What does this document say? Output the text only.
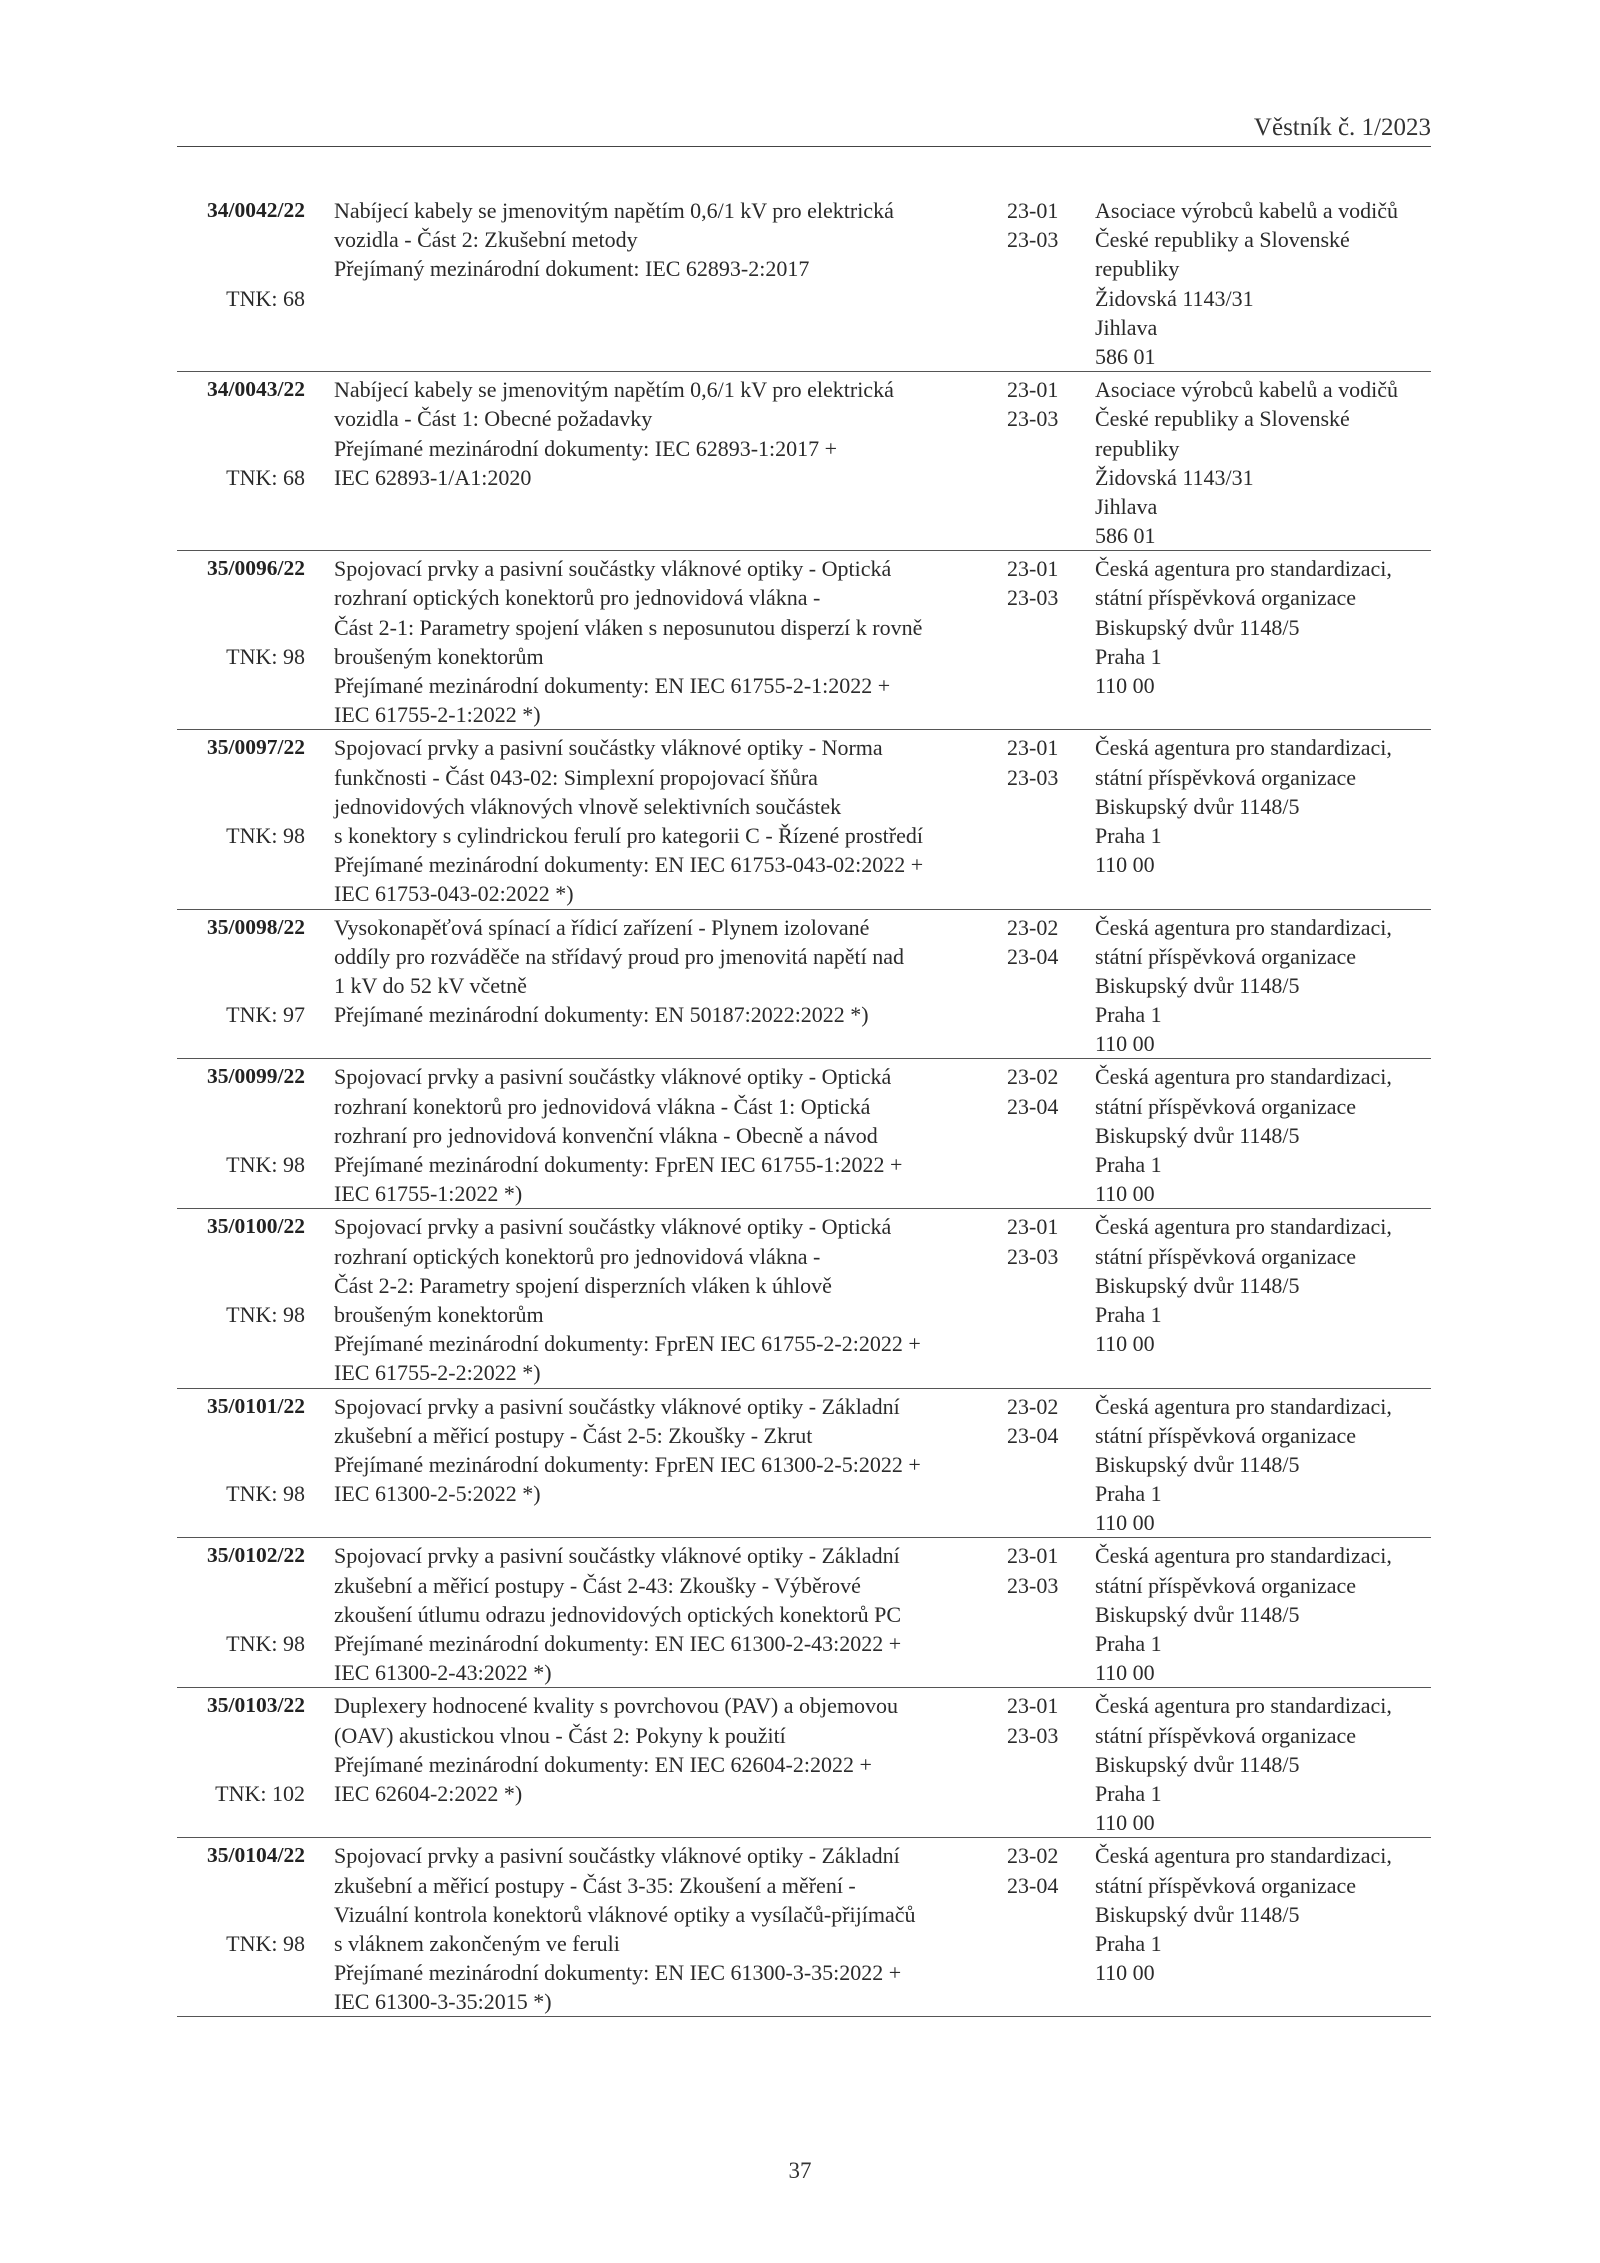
Věstník č. 1/2023
34/0042/22
TNK: 68
Nabíjecí kabely se jmenovitým napětím 0,6/1 kV pro elektrická
vozidla - Část 2: Zkušební metody
Přejímaný mezinárodní dokument: IEC 62893-2:2017
23-01
23-03
Asociace výrobců kabelů a vodičů
České republiky a Slovenské
republiky
Židovská 1143/31
Jihlava
586 01
34/0043/22
TNK: 68
Nabíjecí kabely se jmenovitým napětím 0,6/1 kV pro elektrická
vozidla - Část 1: Obecné požadavky
Přejímané mezinárodní dokumenty: IEC 62893-1:2017 +
IEC 62893-1/A1:2020
23-01
23-03
Asociace výrobců kabelů a vodičů
České republiky a Slovenské
republiky
Židovská 1143/31
Jihlava
586 01
35/0096/22
TNK: 98
Spojovací prvky a pasivní součástky vláknové optiky - Optická
rozhraní optických konektorů pro jednovidová vlákna -
Část 2-1: Parametry spojení vláken s neposunutou disperzí k rovně
broušeným konektorům
Přejímané mezinárodní dokumenty: EN IEC 61755-2-1:2022 +
IEC 61755-2-1:2022 *)
23-01
23-03
Česká agentura pro standardizaci,
státní příspěvková organizace
Biskupský dvůr 1148/5
Praha 1
110 00
35/0097/22
TNK: 98
Spojovací prvky a pasivní součástky vláknové optiky - Norma
funkčnosti - Část 043-02: Simplexní propojovací šňůra
jednovidových vláknových vlnově selektivních součástek
s konektory s cylindrickou ferulí pro kategorii C - Řízené prostředí
Přejímané mezinárodní dokumenty: EN IEC 61753-043-02:2022 +
IEC 61753-043-02:2022 *)
23-01
23-03
Česká agentura pro standardizaci,
státní příspěvková organizace
Biskupský dvůr 1148/5
Praha 1
110 00
35/0098/22
TNK: 97
Vysokonapěťová spínací a řídicí zařízení - Plynem izolované
oddíly pro rozváděče na střídavý proud pro jmenovitá napětí nad
1 kV do 52 kV včetně
Přejímané mezinárodní dokumenty: EN 50187:2022:2022 *)
23-02
23-04
Česká agentura pro standardizaci,
státní příspěvková organizace
Biskupský dvůr 1148/5
Praha 1
110 00
35/0099/22
TNK: 98
Spojovací prvky a pasivní součástky vláknové optiky - Optická
rozhraní konektorů pro jednovidová vlákna - Část 1: Optická
rozhraní pro jednovidová konvenční vlákna - Obecně a návod
Přejímané mezinárodní dokumenty: FprEN IEC 61755-1:2022 +
IEC 61755-1:2022 *)
23-02
23-04
Česká agentura pro standardizaci,
státní příspěvková organizace
Biskupský dvůr 1148/5
Praha 1
110 00
35/0100/22
TNK: 98
Spojovací prvky a pasivní součástky vláknové optiky - Optická
rozhraní optických konektorů pro jednovidová vlákna -
Část 2-2: Parametry spojení disperzních vláken k úhlově
broušeným konektorům
Přejímané mezinárodní dokumenty: FprEN IEC 61755-2-2:2022 +
IEC 61755-2-2:2022 *)
23-01
23-03
Česká agentura pro standardizaci,
státní příspěvková organizace
Biskupský dvůr 1148/5
Praha 1
110 00
35/0101/22
TNK: 98
Spojovací prvky a pasivní součástky vláknové optiky - Základní
zkušební a měřicí postupy - Část 2-5: Zkoušky - Zkrut
Přejímané mezinárodní dokumenty: FprEN IEC 61300-2-5:2022 +
IEC 61300-2-5:2022 *)
23-02
23-04
Česká agentura pro standardizaci,
státní příspěvková organizace
Biskupský dvůr 1148/5
Praha 1
110 00
35/0102/22
TNK: 98
Spojovací prvky a pasivní součástky vláknové optiky - Základní
zkušební a měřicí postupy - Část 2-43: Zkoušky - Výběrové
zkoušení útlumu odrazu jednovidových optických konektorů PC
Přejímané mezinárodní dokumenty: EN IEC 61300-2-43:2022 +
IEC 61300-2-43:2022 *)
23-01
23-03
Česká agentura pro standardizaci,
státní příspěvková organizace
Biskupský dvůr 1148/5
Praha 1
110 00
35/0103/22
TNK: 102
Duplexery hodnocené kvality s povrchovou (PAV) a objemovou
(OAV) akustickou vlnou - Část 2: Pokyny k použití
Přejímané mezinárodní dokumenty: EN IEC 62604-2:2022 +
IEC 62604-2:2022 *)
23-01
23-03
Česká agentura pro standardizaci,
státní příspěvková organizace
Biskupský dvůr 1148/5
Praha 1
110 00
35/0104/22
TNK: 98
Spojovací prvky a pasivní součástky vláknové optiky - Základní
zkušební a měřicí postupy - Část 3-35: Zkoušení a měření -
Vizuální kontrola konektorů vláknové optiky a vysílačů-přijímačů
s vláknem zakončeným ve feruli
Přejímané mezinárodní dokumenty: EN IEC 61300-3-35:2022 +
IEC 61300-3-35:2015 *)
23-02
23-04
Česká agentura pro standardizaci,
státní příspěvková organizace
Biskupský dvůr 1148/5
Praha 1
110 00
37
